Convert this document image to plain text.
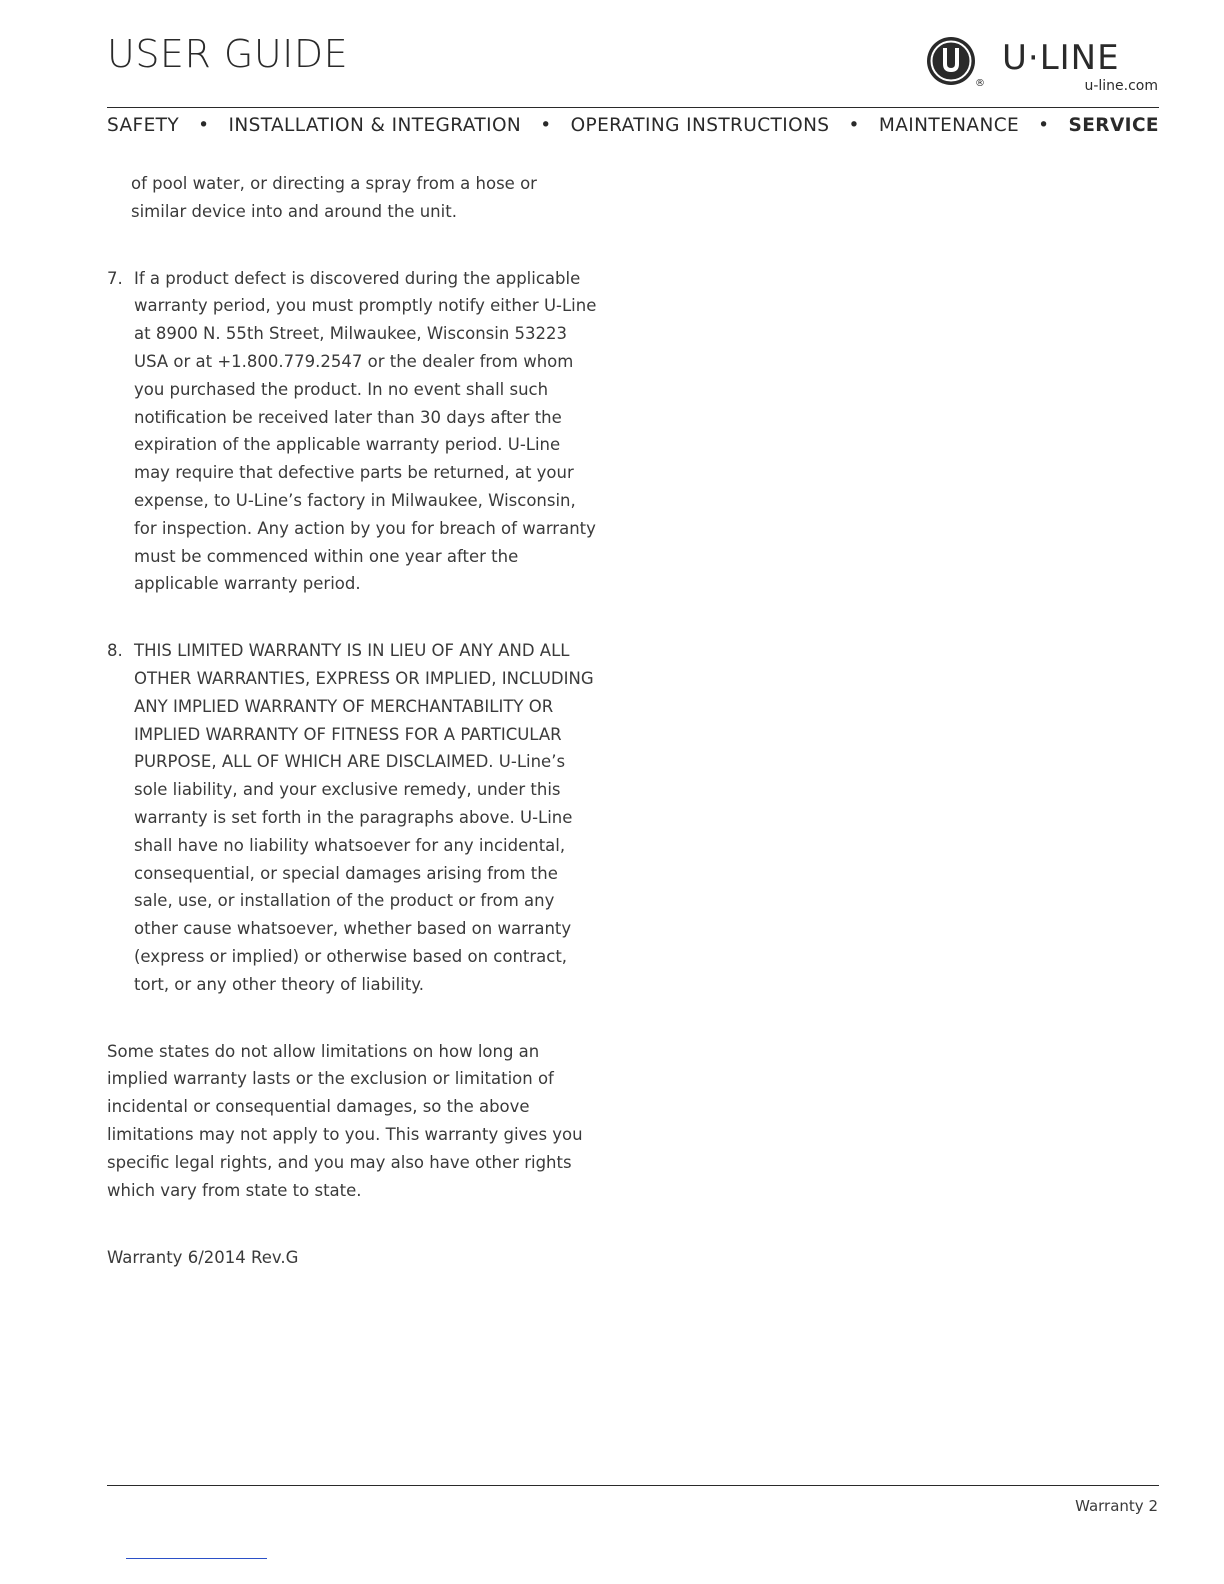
USER GUIDE
®
U·LINE
u-line.com
SAFETY • INSTALLATION & INTEGRATION • OPERATING INSTRUCTIONS • MAINTENANCE • SERVICE

of pool water, or directing a spray from a hose or similar device into and around the unit.

7. If a product defect is discovered during the applicable warranty period, you must promptly notify either U-Line at 8900 N. 55th Street, Milwaukee, Wisconsin 53223 USA or at +1.800.779.2547 or the dealer from whom you purchased the product. In no event shall such notification be received later than 30 days after the expiration of the applicable warranty period. U-Line may require that defective parts be returned, at your expense, to U-Line’s factory in Milwaukee, Wisconsin, for inspection. Any action by you for breach of warranty must be commenced within one year after the applicable warranty period.
8. THIS LIMITED WARRANTY IS IN LIEU OF ANY AND ALL OTHER WARRANTIES, EXPRESS OR IMPLIED, INCLUDING ANY IMPLIED WARRANTY OF MERCHANTABILITY OR IMPLIED WARRANTY OF FITNESS FOR A PARTICULAR PURPOSE, ALL OF WHICH ARE DISCLAIMED. U-Line’s sole liability, and your exclusive remedy, under this warranty is set forth in the paragraphs above. U-Line shall have no liability whatsoever for any incidental, consequential, or special damages arising from the sale, use, or installation of the product or from any other cause whatsoever, whether based on warranty (express or implied) or otherwise based on contract, tort, or any other theory of liability.

Some states do not allow limitations on how long an implied warranty lasts or the exclusion or limitation of incidental or consequential damages, so the above limitations may not apply to you. This warranty gives you specific legal rights, and you may also have other rights which vary from state to state.

Warranty 6/2014 Rev.G

Warranty 2
